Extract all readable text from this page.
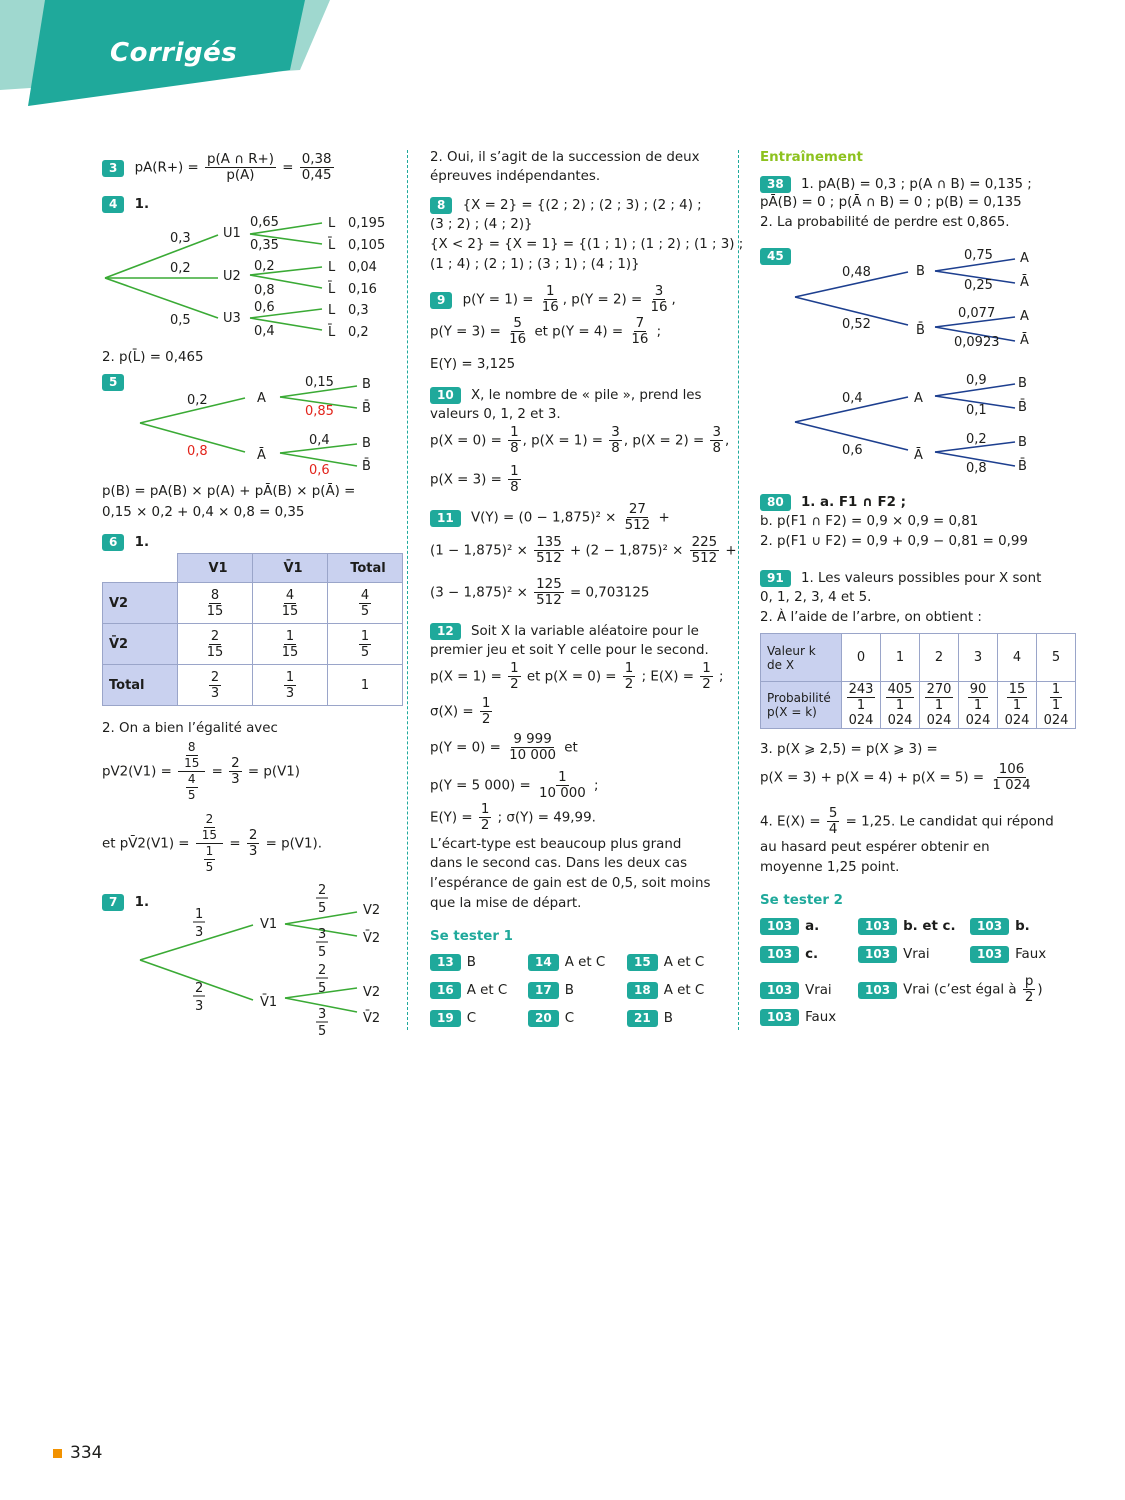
Corrigés
3 $pA(R+) = \frac{p(A \cap R+)}{p(A)} = \frac{0,38}{0,45}$
4 1.
0,3
0,2
0,5
U1
U2
U3
0,65
0,35
0,2
0,8
0,6
0,4
L
L̄
L
L̄
L
L̄
0,195
0,105
0,04
0,16
0,3
0,2
2. p(L̄) = 0,465
5
0,2
0,8
A
Ā
0,15
0,85
0,4
0,6
B
B̄
B
B̄
p(B) = pA(B) × p(A) + pĀ(B) × p(Ā) =
0,15 × 0,2 + 0,4 × 0,8 = 0,35
6 1.
	V1	V̄1	Total
V2	$\frac{8}{15}$	$\frac{4}{15}$	$\frac{4}{5}$

V̄2	$\frac{2}{15}$	$\frac{1}{15}$	$\frac{1}{5}$

Total	$\frac{2}{3}$	$\frac{1}{3}$	1
2. On a bien l’égalité avec
$pV2(V1) = \frac{\frac{8}{15}}{\frac{4}{5}} = \frac{2}{3} = p(V1)$
et pV̄2(V1) = $\frac{\frac{2}{15}}{\frac{1}{5}} = \frac{2}{3} = p(V1)$.
7 1.
1
3
2
3
V1
V̄1
2
5
3
5
2
5
3
5
V2
V̄2
V2
V̄2
2. Oui, il s’agit de la succession de deux
épreuves indépendantes.
8 {X = 2} = {(2 ; 2) ; (2 ; 3) ; (2 ; 4) ;
(3 ; 2) ; (4 ; 2)}
{X < 2} = {X = 1} = {(1 ; 1) ; (1 ; 2) ; (1 ; 3) ;
(1 ; 4) ; (2 ; 1) ; (3 ; 1) ; (4 ; 1)}
9 $p(Y = 1) = \frac{1}{16}$ , $p(Y = 2) = \frac{3}{16}$ ,
$p(Y = 3) = \frac{5}{16}$ et $p(Y = 4) = \frac{7}{16}$ ;
E(Y) = 3,125
10 X, le nombre de « pile », prend les
valeurs 0, 1, 2 et 3.
$p(X = 0) = \frac{1}{8}$ , $p(X = 1) = \frac{3}{8}$ , $p(X = 2) = \frac{3}{8}$ ,
$p(X = 3) = \frac{1}{8}$
11 $V(Y) = (0 - 1,875)^2 \times \frac{27}{512}$ +
$(1 - 1,875)^2 \times \frac{135}{512} + (2 - 1,875)^2 \times \frac{225}{512}$ +
$(3 - 1,875)^2 \times \frac{125}{512} = 0,703125$
12 Soit X la variable aléatoire pour le
premier jeu et soit Y celle pour le second.
$p(X = 1) = \frac{1}{2}$ et $p(X = 0) = \frac{1}{2}$ ; $E(X) = \frac{1}{2}$ ;
$\sigma(X) = \frac{1}{2}$
$p(Y = 0) = \frac{9 999}{10 000}$ et
p(Y = 5 $000) = \frac{1}{10 000}$ ;
$E(Y) = \frac{1}{2}$ ; σ(Y) = 49,99.
L’écart-type est beaucoup plus grand
dans le second cas. Dans les deux cas
l’espérance de gain est de 0,5, soit moins
que la mise de départ.
Se tester 1
13 B	14 A et C	15 A et C
16 A et C	17 B	18 A et C
19 C	20 C	21 B
Entraînement
38 1. pA(B) = 0,3 ; p(A ∩ B) = 0,135 ;
pĀ(B) = 0 ; p(Ā ∩ B) = 0 ; p(B) = 0,135
2. La probabilité de perdre est 0,865.
45
0,48
0,52
B
B̄
0,75
0,25
0,077
0,0923
A
Ā
A
Ā
0,4
0,6
A
Ā
0,9
0,1
0,2
0,8
B
B̄
B
B̄
80 1. a. F1 ∩ F2 ;
b. p(F1 ∩ F2) = 0,9 × 0,9 = 0,81
2. p(F1 ∪ F2) = 0,9 + 0,9 − 0,81 = 0,99
91 1. Les valeurs possibles pour X sont
0, 1, 2, 3, 4 et 5.
2. À l’aide de l’arbre, on obtient :
Valeur k
de X	0	1	2	3	4	5
Probabilité
p(X = k)	$\frac{243}{1 024}$	$\frac{405}{1 024}$	$\frac{270}{1 024}$	$\frac{90}{1 024}$	$\frac{15}{1 024}$	$\frac{1}{1 024}$
3. p(X ⩾ 2,5) = p(X ⩾ 3) =
$p(X = 3) + p(X = 4) + p(X = 5) = \frac{106}{1 024}$
4. $E(X) = \frac{5}{4} = 1,25$. Le candidat qui répond
au hasard peut espérer obtenir en
moyenne 1,25 point.
Se tester 2
103 a.	103 b. et c.	103 b.
103 c.	103 Vrai	103 Faux
103 Vrai	103 Vrai (c’est égal à $\frac{p}{2}$ )
103 Faux
334
